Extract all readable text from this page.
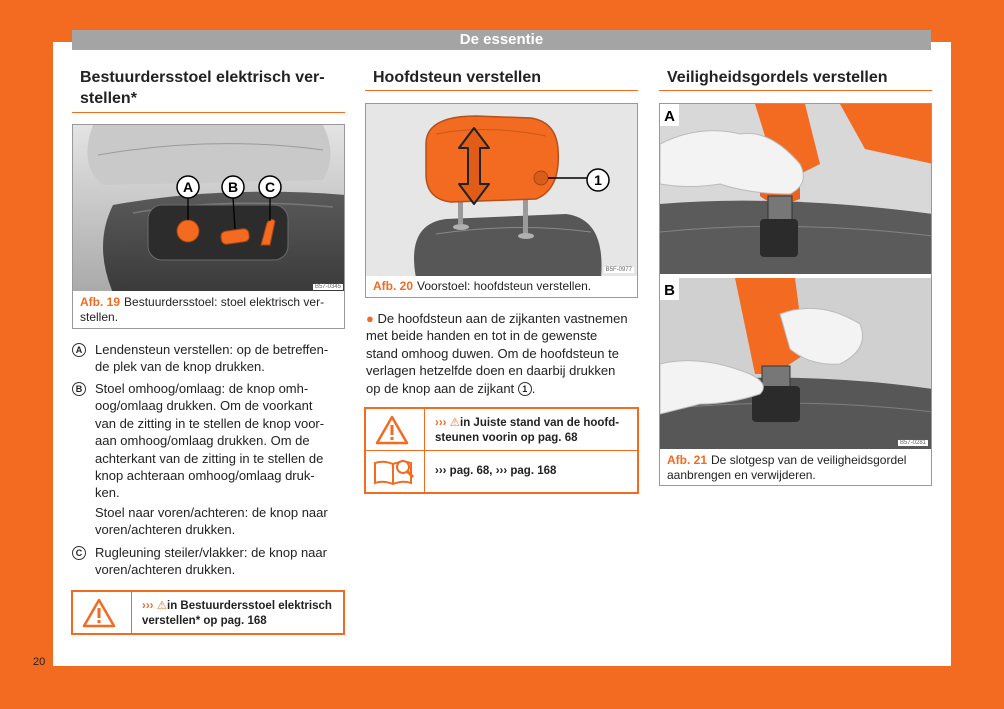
De essentie
Bestuurdersstoel elektrisch ver-
stellen*
A B C
B57-0345
Afb. 19 Bestuurdersstoel: stoel elektrisch ver-
stellen.
A Lendensteun verstellen: op de betreffen-
de plek van de knop drukken.
B Stoel omhoog/omlaag: de knop omh-
oog/omlaag drukken. Om de voorkant
van de zitting in te stellen de knop voor-
aan omhoog/omlaag drukken. Om de
achterkant van de zitting in te stellen de
knop achteraan omhoog/omlaag druk-
ken.
Stoel naar voren/achteren: de knop naar
voren/achteren drukken.
C Rugleuning steiler/vlakker: de knop naar
voren/achteren drukken.
››› ⚠in Bestuurdersstoel elektrisch
verstellen* op pag. 168
Hoofdsteun verstellen
1
B5F-0977
Afb. 20 Voorstoel: hoofdsteun verstellen.
● De hoofdsteun aan de zijkanten vastnemen
met beide handen en tot in de gewenste
stand omhoog duwen. Om de hoofdsteun te
verlagen hetzelfde doen en daarbij drukken
op de knop aan de zijkant 1 .
››› ⚠in Juiste stand van de hoofd-
steunen voorin op pag. 68
››› pag. 68, ››› pag. 168
Veiligheidsgordels verstellen
A
B
B57-0281
Afb. 21 De slotgesp van de veiligheidsgordel
aanbrengen en verwijderen.
20
